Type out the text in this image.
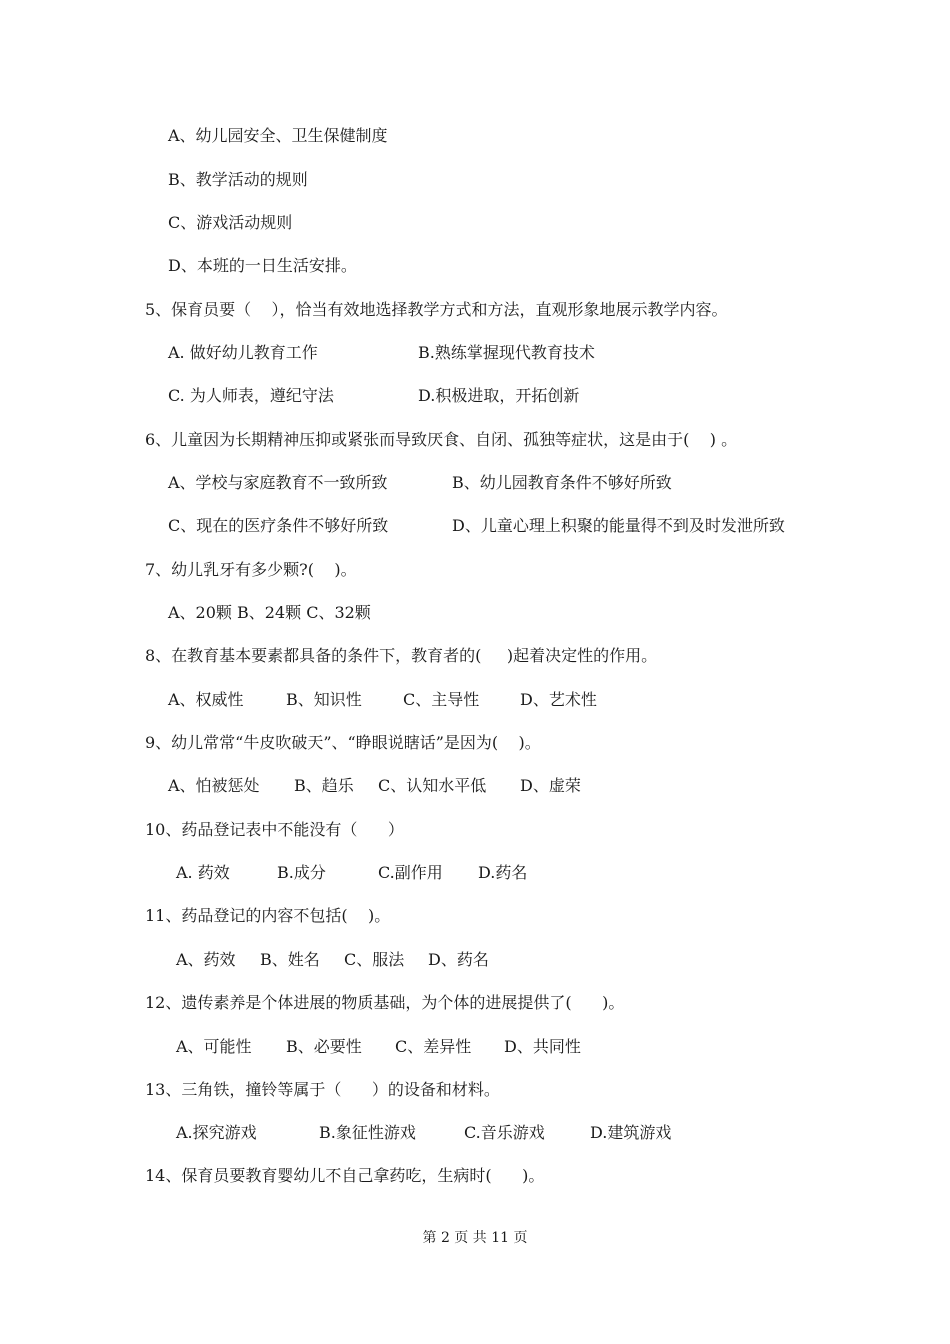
A、幼儿园安全、卫生保健制度
B、教学活动的规则
C、游戏活动规则
D、本班的一日生活安排。
5、保育员要（    ），恰当有效地选择教学方式和方法，直观形象地展示教学内容。
A. 做好幼儿教育工作	B.熟练掌握现代教育技术
C. 为人师表，遵纪守法	D.积极进取，开拓创新
6、儿童因为长期精神压抑或紧张而导致厌食、自闭、孤独等症状，这是由于(    ) 。
A、学校与家庭教育不一致所致	B、幼儿园教育条件不够好所致
C、现在的医疗条件不够好所致	D、儿童心理上积聚的能量得不到及时发泄所致
7、幼儿乳牙有多少颗?(    )。
A、20颗 B、24颗 C、32颗
8、在教育基本要素都具备的条件下，教育者的(     )起着决定性的作用。
A、权威性	B、知识性	C、主导性	D、艺术性
9、幼儿常常“牛皮吹破天”、“睁眼说瞎话”是因为(    )。
A、怕被惩处 B、趋乐 C、认知水平低 D、虚荣
10、药品登记表中不能没有（      ）
A. 药效	B.成分	C.副作用 D.药名
11、药品登记的内容不包括(    )。
A、药效 B、姓名 C、服法 D、药名
12、遗传素养是个体进展的物质基础，为个体的进展提供了(      )。
A、可能性 B、必要性 C、差异性 D、共同性
13、三角铁，撞铃等属于（      ）的设备和材料。
A.探究游戏	B.象征性游戏	C.音乐游戏	D.建筑游戏
14、保育员要教育婴幼儿不自己拿药吃，生病时(      )。
第 2 页 共 11 页
